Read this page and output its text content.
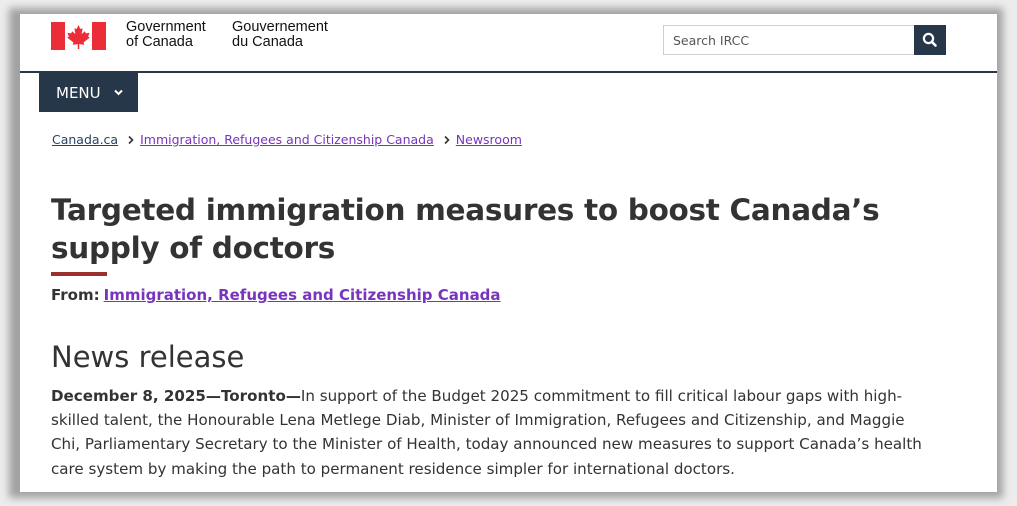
Government
of Canada
Gouvernement
du Canada
Search IRCC
MENU
Canada.ca Immigration, Refugees and Citizenship Canada Newsroom
Targeted immigration measures to boost Canada’s supply of doctors
From: Immigration, Refugees and Citizenship Canada
News release

December 8, 2025—Toronto—In support of the Budget 2025 commitment to fill critical labour gaps with high-skilled talent, the Honourable Lena Metlege Diab, Minister of Immigration, Refugees and Citizenship, and Maggie Chi, Parliamentary Secretary to the Minister of Health, today announced new measures to support Canada’s health care system by making the path to permanent residence simpler for international doctors.
